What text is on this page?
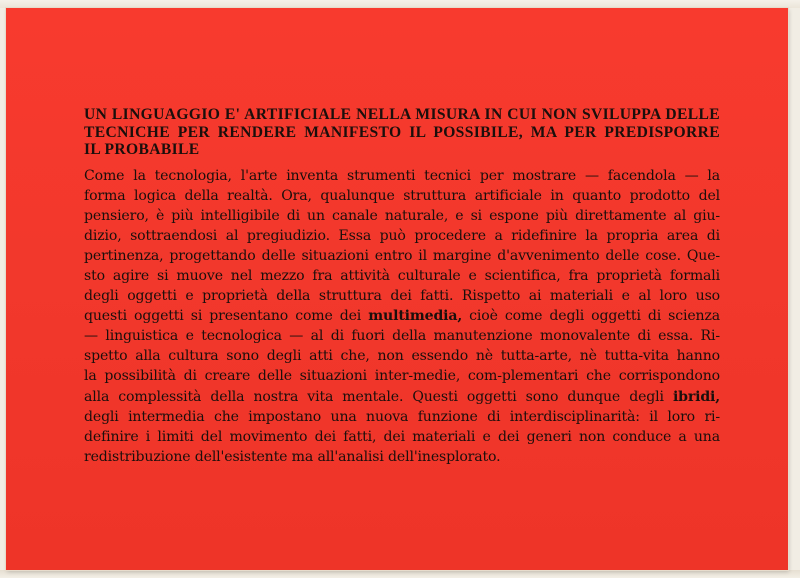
UN LINGUAGGIO E' ARTIFICIALE NELLA MISURA IN CUI NON SVILUPPA DELLE
TECNICHE PER RENDERE MANIFESTO IL POSSIBILE, MA PER PREDISPORRE
IL PROBABILE

Come la tecnologia, l'arte inventa strumenti tecnici per mostrare — facendola — la
forma logica della realtà. Ora, qualunque struttura artificiale in quanto prodotto del
pensiero, è più intelligibile di un canale naturale, e si espone più direttamente al giu-
dizio, sottraendosi al pregiudizio. Essa può procedere a ridefinire la propria area di
pertinenza, progettando delle situazioni entro il margine d'avvenimento delle cose. Que-
sto agire si muove nel mezzo fra attività culturale e scientifica, fra proprietà formali
degli oggetti e proprietà della struttura dei fatti. Rispetto ai materiali e al loro uso
questi oggetti si presentano come dei multimedia, cioè come degli oggetti di scienza
— linguistica e tecnologica — al di fuori della manutenzione monovalente di essa. Ri-
spetto alla cultura sono degli atti che, non essendo nè tutta-arte, nè tutta-vita hanno
la possibilità di creare delle situazioni inter-medie, com-plementari che corrispondono
alla complessità della nostra vita mentale. Questi oggetti sono dunque degli ibridi,
degli intermedia che impostano una nuova funzione di interdisciplinarità: il loro ri-
definire i limiti del movimento dei fatti, dei materiali e dei generi non conduce a una
redistribuzione dell'esistente ma all'analisi dell'inesplorato.
